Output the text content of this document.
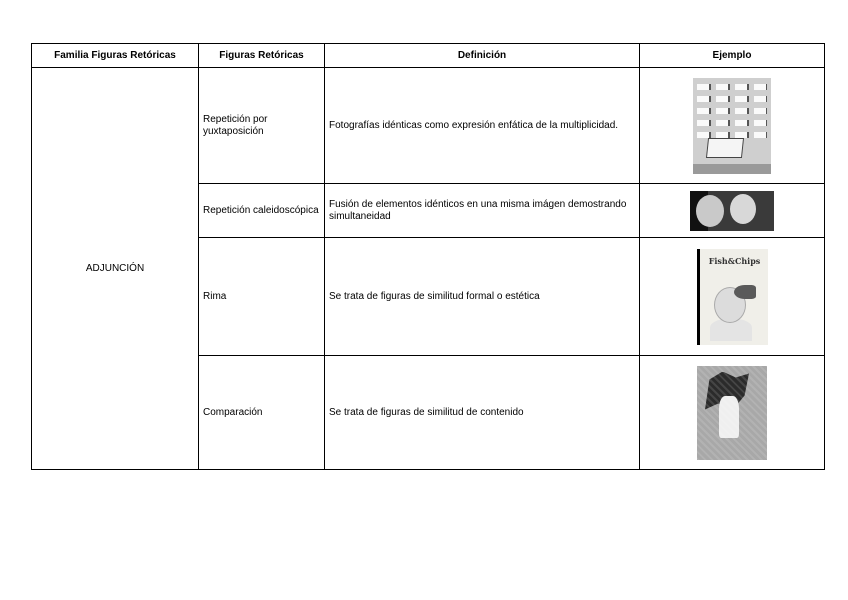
Familia Figuras Retóricas	Figuras Retóricas	Definición	Ejemplo
ADJUNCIÓN	Repetición por yuxtaposición	Fotografías idénticas como expresión enfática de la multiplicidad.	

	Repetición caleidoscópica	Fusión de elementos idénticos en una misma imágen demostrando simultaneidad	

	Rima	Se trata de figuras de similitud formal o estética	Fish&Chips

	Comparación	Se trata de figuras de similitud de contenido	
